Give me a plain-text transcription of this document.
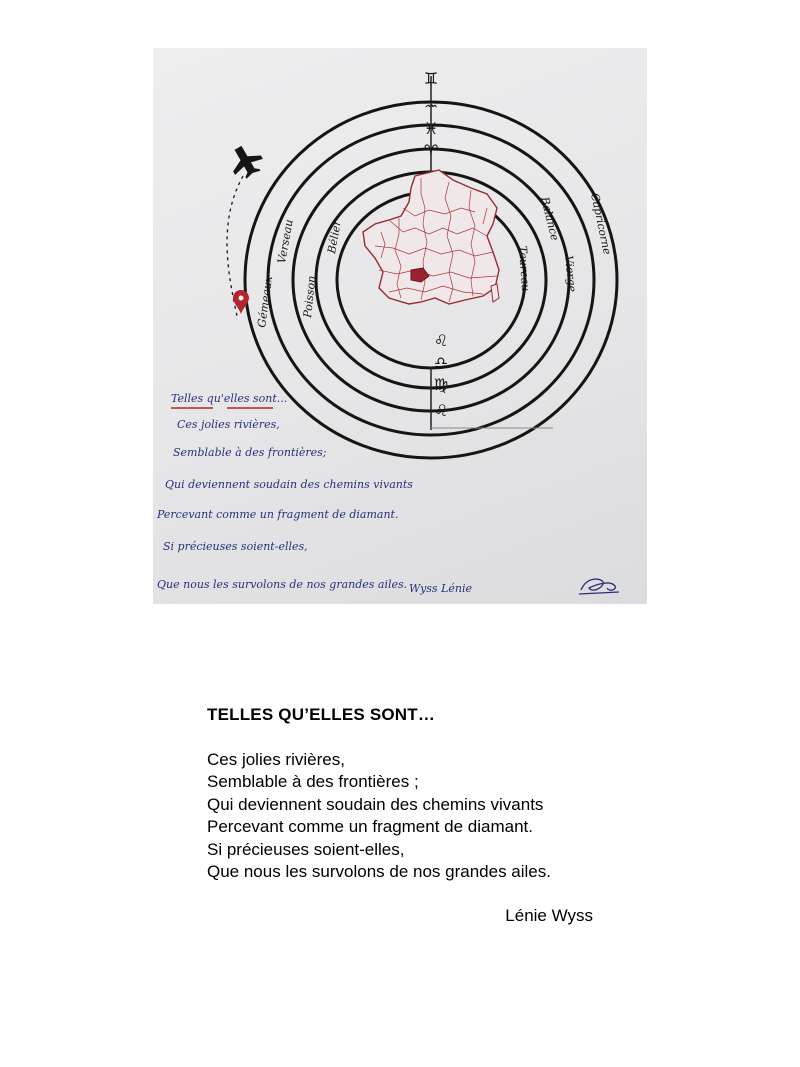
♊
♒
♓
♈
♌
♎
♍
♌
Gémeaux
Verseau
Poisson
Bélier	Capricorne
Balance
Vierge
Taureau
Telles qu'elles sont...
Ces jolies rivières,
Semblable à des frontières;
Qui deviennent soudain des chemins vivants
Percevant comme un fragment de diamant.
Si précieuses soient-elles,
Que nous les survolons de nos grandes ailes. Wyss Lénie
TELLES QU’ELLES SONT…
Ces jolies rivières,
Semblable à des frontières ;
Qui deviennent soudain des chemins vivants
Percevant comme un fragment de diamant.
Si précieuses soient-elles,
Que nous les survolons de nos grandes ailes.
Lénie Wyss
